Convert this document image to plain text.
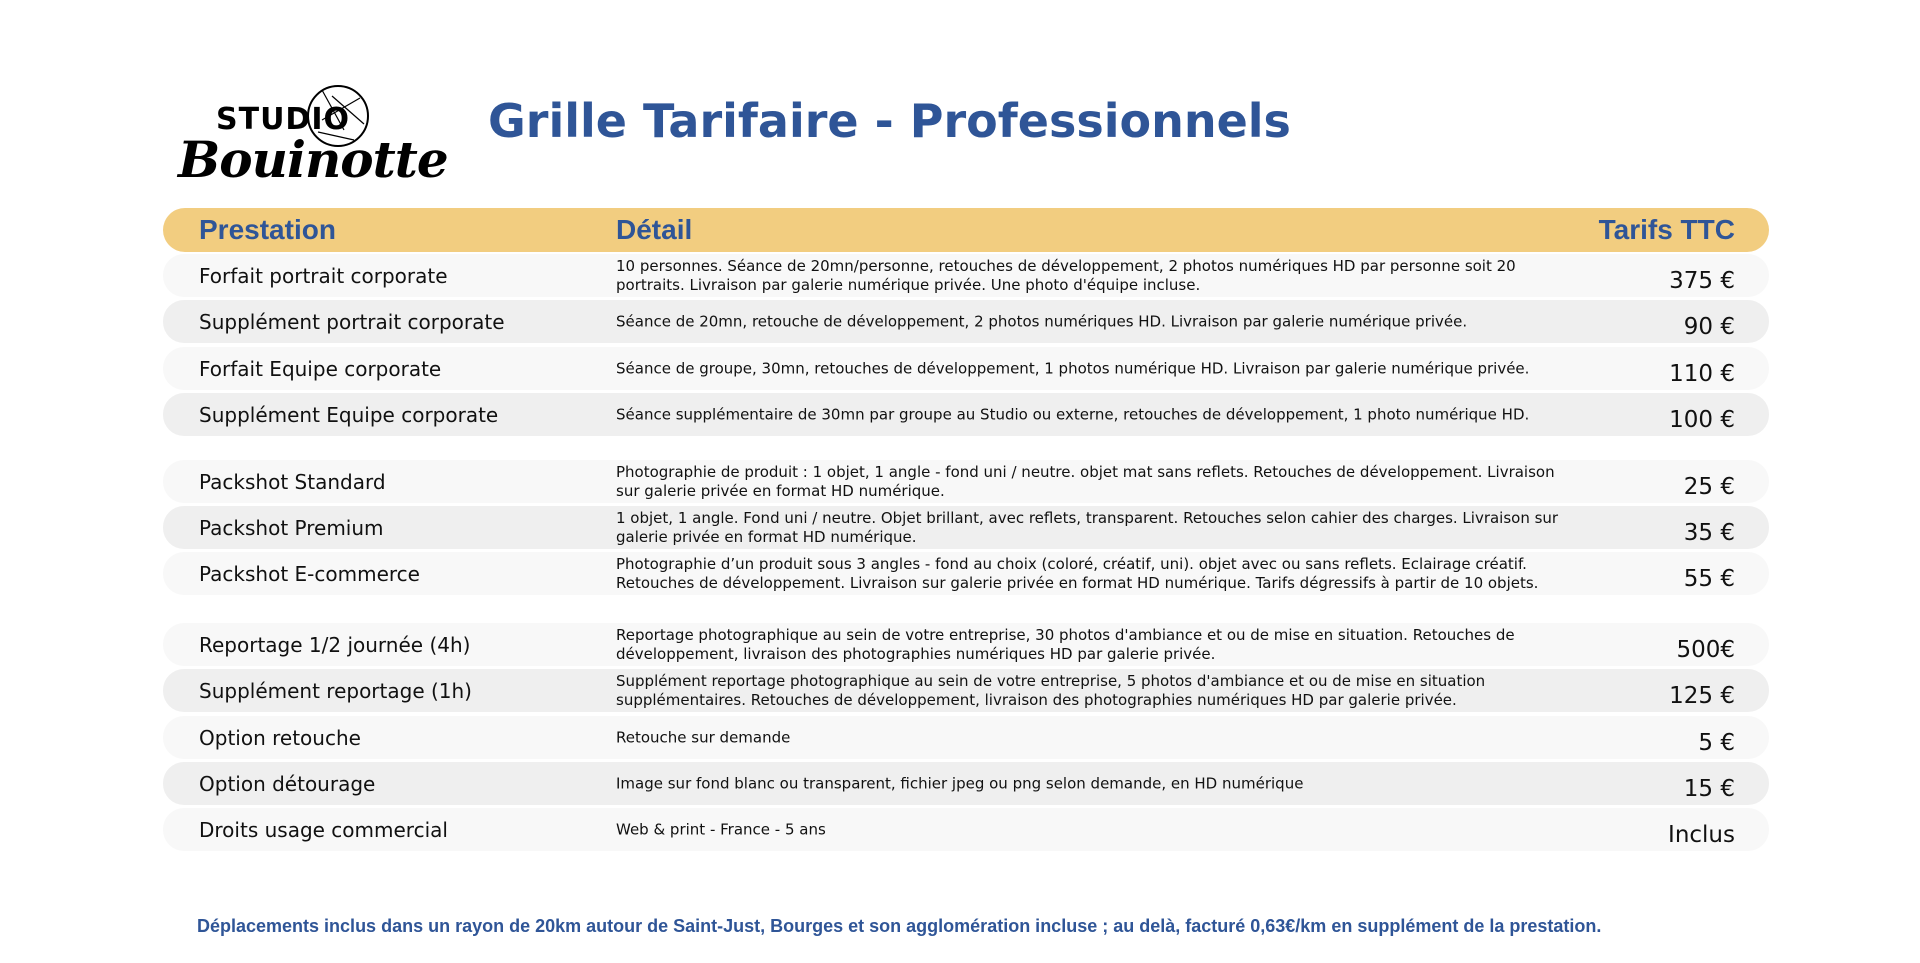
STUDIO
Bouinotte
Grille Tarifaire - Professionnels
Prestation	Détail	Tarifs TTC
Forfait portrait corporate	10 personnes. Séance de 20mn/personne, retouches de développement, 2 photos numériques HD par personne soit 20 portraits. Livraison par galerie numérique privée. Une photo d'équipe incluse.	375 €
Supplément portrait corporate	Séance de 20mn, retouche de développement, 2 photos numériques HD. Livraison par galerie numérique privée.	90 €
Forfait Equipe corporate	Séance de groupe, 30mn, retouches de développement, 1 photos numérique HD. Livraison par galerie numérique privée.	110 €
Supplément Equipe corporate	Séance supplémentaire de 30mn par groupe au Studio ou externe, retouches de développement, 1 photo numérique HD.	100 €
Packshot Standard	Photographie de produit : 1 objet, 1 angle - fond uni / neutre. objet mat sans reflets. Retouches de développement. Livraison sur galerie privée en format HD numérique.	25 €
Packshot Premium	1 objet, 1 angle. Fond uni / neutre. Objet brillant, avec reflets, transparent. Retouches selon cahier des charges. Livraison sur galerie privée en format HD numérique.	35 €
Packshot E-commerce	Photographie d’un produit sous 3 angles - fond au choix (coloré, créatif, uni). objet avec ou sans reflets. Eclairage créatif. Retouches de développement. Livraison sur galerie privée en format HD numérique. Tarifs dégressifs à partir de 10 objets.	55 €
Reportage 1/2 journée (4h)	Reportage photographique au sein de votre entreprise, 30 photos d'ambiance et ou de mise en situation. Retouches de développement, livraison des photographies numériques HD par galerie privée.	500€
Supplément reportage (1h)	Supplément reportage photographique au sein de votre entreprise, 5 photos d'ambiance et ou de mise en situation supplémentaires. Retouches de développement, livraison des photographies numériques HD par galerie privée.	125 €
Option retouche	Retouche sur demande	5 €
Option détourage	Image sur fond blanc ou transparent, fichier jpeg ou png selon demande, en HD numérique	15 €
Droits usage commercial	Web & print - France - 5 ans	Inclus
Déplacements inclus dans un rayon de 20km autour de Saint-Just, Bourges et son agglomération incluse ; au delà, facturé 0,63€/km en supplément de la prestation.
